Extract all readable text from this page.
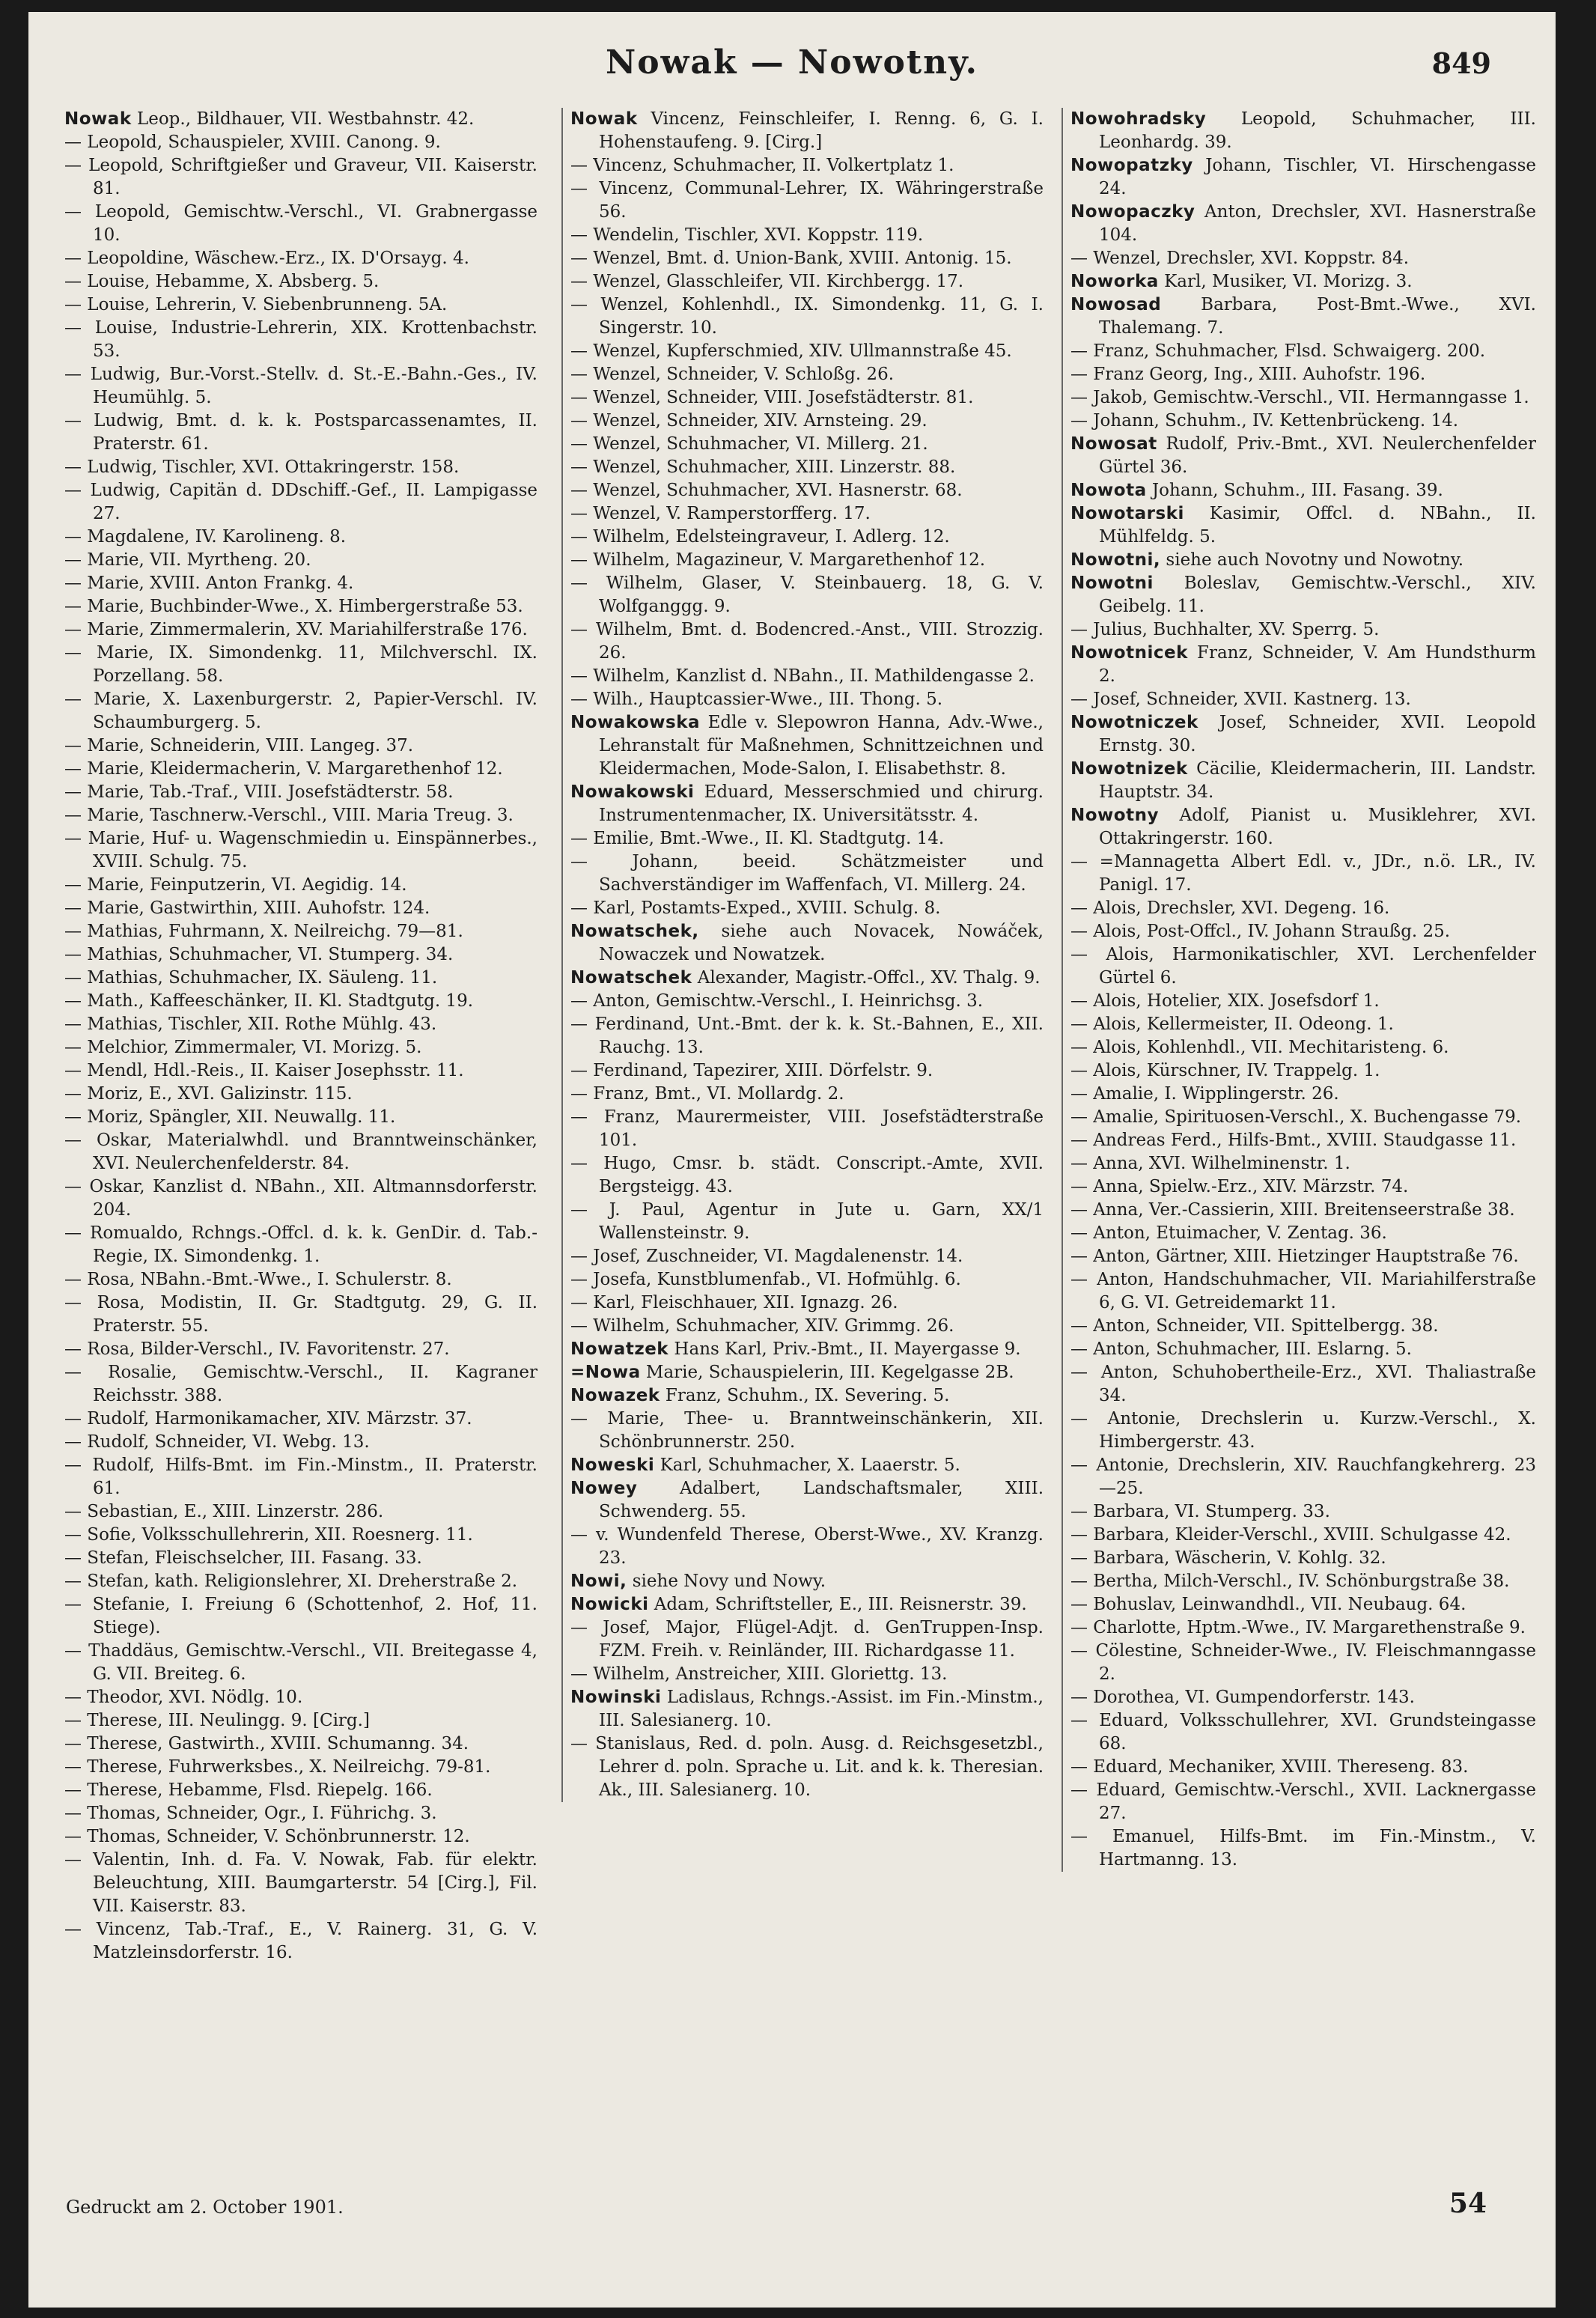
Nowak — Nowotny.	849

Nowak Leop., Bildhauer, VII. Westbahnstr. 42.

— Leopold, Schauspieler, XVIII. Canong. 9.

— Leopold, Schriftgießer und Graveur, VII. Kaiserstr. 81.

— Leopold, Gemischtw.-Verschl., VI. Grabnergasse 10.

— Leopoldine, Wäschew.-Erz., IX. D'Orsayg. 4.

— Louise, Hebamme, X. Absberg. 5.

— Louise, Lehrerin, V. Siebenbrunneng. 5A.

— Louise, Industrie-Lehrerin, XIX. Krottenbachstr. 53.

— Ludwig, Bur.-Vorst.-Stellv. d. St.-E.-Bahn.-Ges., IV. Heumühlg. 5.

— Ludwig, Bmt. d. k. k. Postsparcassenamtes, II. Praterstr. 61.

— Ludwig, Tischler, XVI. Ottakringerstr. 158.

— Ludwig, Capitän d. DDschiff.-Gef., II. Lampigasse 27.

— Magdalene, IV. Karolineng. 8.

— Marie, VII. Myrtheng. 20.

— Marie, XVIII. Anton Frankg. 4.

— Marie, Buchbinder-Wwe., X. Himbergerstraße 53.

— Marie, Zimmermalerin, XV. Mariahilferstraße 176.

— Marie, IX. Simondenkg. 11, Milchverschl. IX. Porzellang. 58.

— Marie, X. Laxenburgerstr. 2, Papier-Verschl. IV. Schaumburgerg. 5.

— Marie, Schneiderin, VIII. Langeg. 37.

— Marie, Kleidermacherin, V. Margarethenhof 12.

— Marie, Tab.-Traf., VIII. Josefstädterstr. 58.

— Marie, Taschnerw.-Verschl., VIII. Maria Treug. 3.

— Marie, Huf- u. Wagenschmiedin u. Einspännerbes., XVIII. Schulg. 75.

— Marie, Feinputzerin, VI. Aegidig. 14.

— Marie, Gastwirthin, XIII. Auhofstr. 124.

— Mathias, Fuhrmann, X. Neilreichg. 79—81.

— Mathias, Schuhmacher, VI. Stumperg. 34.

— Mathias, Schuhmacher, IX. Säuleng. 11.

— Math., Kaffeeschänker, II. Kl. Stadtgutg. 19.

— Mathias, Tischler, XII. Rothe Mühlg. 43.

— Melchior, Zimmermaler, VI. Morizg. 5.

— Mendl, Hdl.-Reis., II. Kaiser Josephsstr. 11.

— Moriz, E., XVI. Galizinstr. 115.

— Moriz, Spängler, XII. Neuwallg. 11.

— Oskar, Materialwhdl. und Branntweinschänker, XVI. Neulerchenfelderstr. 84.

— Oskar, Kanzlist d. NBahn., XII. Altmannsdorferstr. 204.

— Romualdo, Rchngs.-Offcl. d. k. k. GenDir. d. Tab.-Regie, IX. Simondenkg. 1.

— Rosa, NBahn.-Bmt.-Wwe., I. Schulerstr. 8.

— Rosa, Modistin, II. Gr. Stadtgutg. 29, G. II. Praterstr. 55.

— Rosa, Bilder-Verschl., IV. Favoritenstr. 27.

— Rosalie, Gemischtw.-Verschl., II. Kagraner Reichsstr. 388.

— Rudolf, Harmonikamacher, XIV. Märzstr. 37.

— Rudolf, Schneider, VI. Webg. 13.

— Rudolf, Hilfs-Bmt. im Fin.-Minstm., II. Praterstr. 61.

— Sebastian, E., XIII. Linzerstr. 286.

— Sofie, Volksschullehrerin, XII. Roesnerg. 11.

— Stefan, Fleischselcher, III. Fasang. 33.

— Stefan, kath. Religionslehrer, XI. Dreherstraße 2.

— Stefanie, I. Freiung 6 (Schottenhof, 2. Hof, 11. Stiege).

— Thaddäus, Gemischtw.-Verschl., VII. Breitegasse 4, G. VII. Breiteg. 6.

— Theodor, XVI. Nödlg. 10.

— Therese, III. Neulingg. 9. [Cirg.]

— Therese, Gastwirth., XVIII. Schumanng. 34.

— Therese, Fuhrwerksbes., X. Neilreichg. 79-81.

— Therese, Hebamme, Flsd. Riepelg. 166.

— Thomas, Schneider, Ogr., I. Führichg. 3.

— Thomas, Schneider, V. Schönbrunnerstr. 12.

— Valentin, Inh. d. Fa. V. Nowak, Fab. für elektr. Beleuchtung, XIII. Baumgarterstr. 54 [Cirg.], Fil. VII. Kaiserstr. 83.

— Vincenz, Tab.-Traf., E., V. Rainerg. 31, G. V. Matzleinsdorferstr. 16.

Nowak Vincenz, Feinschleifer, I. Renng. 6, G. I. Hohenstaufeng. 9. [Cirg.]

— Vincenz, Schuhmacher, II. Volkertplatz 1.

— Vincenz, Communal-Lehrer, IX. Währingerstraße 56.

— Wendelin, Tischler, XVI. Koppstr. 119.

— Wenzel, Bmt. d. Union-Bank, XVIII. Antonig. 15.

— Wenzel, Glasschleifer, VII. Kirchbergg. 17.

— Wenzel, Kohlenhdl., IX. Simondenkg. 11, G. I. Singerstr. 10.

— Wenzel, Kupferschmied, XIV. Ullmannstraße 45.

— Wenzel, Schneider, V. Schloßg. 26.

— Wenzel, Schneider, VIII. Josefstädterstr. 81.

— Wenzel, Schneider, XIV. Arnsteing. 29.

— Wenzel, Schuhmacher, VI. Millerg. 21.

— Wenzel, Schuhmacher, XIII. Linzerstr. 88.

— Wenzel, Schuhmacher, XVI. Hasnerstr. 68.

— Wenzel, V. Ramperstorfferg. 17.

— Wilhelm, Edelsteingraveur, I. Adlerg. 12.

— Wilhelm, Magazineur, V. Margarethenhof 12.

— Wilhelm, Glaser, V. Steinbauerg. 18, G. V. Wolfganggg. 9.

— Wilhelm, Bmt. d. Bodencred.-Anst., VIII. Strozzig. 26.

— Wilhelm, Kanzlist d. NBahn., II. Mathildengasse 2.

— Wilh., Hauptcassier-Wwe., III. Thong. 5.

Nowakowska Edle v. Slepowron Hanna, Adv.-Wwe., Lehranstalt für Maßnehmen, Schnittzeichnen und Kleidermachen, Mode-Salon, I. Elisabethstr. 8.

Nowakowski Eduard, Messerschmied und chirurg. Instrumentenmacher, IX. Universitätsstr. 4.

— Emilie, Bmt.-Wwe., II. Kl. Stadtgutg. 14.

— Johann, beeid. Schätzmeister und Sachverständiger im Waffenfach, VI. Millerg. 24.

— Karl, Postamts-Exped., XVIII. Schulg. 8.

Nowatschek, siehe auch Novacek, Nowáček, Nowaczek und Nowatzek.

Nowatschek Alexander, Magistr.-Offcl., XV. Thalg. 9.

— Anton, Gemischtw.-Verschl., I. Heinrichsg. 3.

— Ferdinand, Unt.-Bmt. der k. k. St.-Bahnen, E., XII. Rauchg. 13.

— Ferdinand, Tapezirer, XIII. Dörfelstr. 9.

— Franz, Bmt., VI. Mollardg. 2.

— Franz, Maurermeister, VIII. Josefstädterstraße 101.

— Hugo, Cmsr. b. städt. Conscript.-Amte, XVII. Bergsteigg. 43.

— J. Paul, Agentur in Jute u. Garn, XX/1 Wallensteinstr. 9.

— Josef, Zuschneider, VI. Magdalenenstr. 14.

— Josefa, Kunstblumenfab., VI. Hofmühlg. 6.

— Karl, Fleischhauer, XII. Ignazg. 26.

— Wilhelm, Schuhmacher, XIV. Grimmg. 26.

Nowatzek Hans Karl, Priv.-Bmt., II. Mayergasse 9.

=Nowa Marie, Schauspielerin, III. Kegelgasse 2B.

Nowazek Franz, Schuhm., IX. Severing. 5.

— Marie, Thee- u. Branntweinschänkerin, XII. Schönbrunnerstr. 250.

Noweski Karl, Schuhmacher, X. Laaerstr. 5.

Nowey Adalbert, Landschaftsmaler, XIII. Schwenderg. 55.

— v. Wundenfeld Therese, Oberst-Wwe., XV. Kranzg. 23.

Nowi, siehe Novy und Nowy.

Nowicki Adam, Schriftsteller, E., III. Reisnerstr. 39.

— Josef, Major, Flügel-Adjt. d. GenTruppen-Insp. FZM. Freih. v. Reinländer, III. Richardgasse 11.

— Wilhelm, Anstreicher, XIII. Gloriettg. 13.

Nowinski Ladislaus, Rchngs.-Assist. im Fin.-Minstm., III. Salesianerg. 10.

— Stanislaus, Red. d. poln. Ausg. d. Reichsgesetzbl., Lehrer d. poln. Sprache u. Lit. and k. k. Theresian. Ak., III. Salesianerg. 10.

Nowohradsky Leopold, Schuhmacher, III. Leonhardg. 39.

Nowopatzky Johann, Tischler, VI. Hirschengasse 24.

Nowopaczky Anton, Drechsler, XVI. Hasnerstraße 104.

— Wenzel, Drechsler, XVI. Koppstr. 84.

Noworka Karl, Musiker, VI. Morizg. 3.

Nowosad Barbara, Post-Bmt.-Wwe., XVI. Thalemang. 7.

— Franz, Schuhmacher, Flsd. Schwaigerg. 200.

— Franz Georg, Ing., XIII. Auhofstr. 196.

— Jakob, Gemischtw.-Verschl., VII. Hermanngasse 1.

— Johann, Schuhm., IV. Kettenbrückeng. 14.

Nowosat Rudolf, Priv.-Bmt., XVI. Neulerchenfelder Gürtel 36.

Nowota Johann, Schuhm., III. Fasang. 39.

Nowotarski Kasimir, Offcl. d. NBahn., II. Mühlfeldg. 5.

Nowotni, siehe auch Novotny und Nowotny.

Nowotni Boleslav, Gemischtw.-Verschl., XIV. Geibelg. 11.

— Julius, Buchhalter, XV. Sperrg. 5.

Nowotnicek Franz, Schneider, V. Am Hundsthurm 2.

— Josef, Schneider, XVII. Kastnerg. 13.

Nowotniczek Josef, Schneider, XVII. Leopold Ernstg. 30.

Nowotnizek Cäcilie, Kleidermacherin, III. Landstr. Hauptstr. 34.

Nowotny Adolf, Pianist u. Musiklehrer, XVI. Ottakringerstr. 160.

— =Mannagetta Albert Edl. v., JDr., n.ö. LR., IV. Panigl. 17.

— Alois, Drechsler, XVI. Degeng. 16.

— Alois, Post-Offcl., IV. Johann Straußg. 25.

— Alois, Harmonikatischler, XVI. Lerchenfelder Gürtel 6.

— Alois, Hotelier, XIX. Josefsdorf 1.

— Alois, Kellermeister, II. Odeong. 1.

— Alois, Kohlenhdl., VII. Mechitaristeng. 6.

— Alois, Kürschner, IV. Trappelg. 1.

— Amalie, I. Wipplingerstr. 26.

— Amalie, Spirituosen-Verschl., X. Buchengasse 79.

— Andreas Ferd., Hilfs-Bmt., XVIII. Staudgasse 11.

— Anna, XVI. Wilhelminenstr. 1.

— Anna, Spielw.-Erz., XIV. Märzstr. 74.

— Anna, Ver.-Cassierin, XIII. Breitenseerstraße 38.

— Anton, Etuimacher, V. Zentag. 36.

— Anton, Gärtner, XIII. Hietzinger Hauptstraße 76.

— Anton, Handschuhmacher, VII. Mariahilferstraße 6, G. VI. Getreidemarkt 11.

— Anton, Schneider, VII. Spittelbergg. 38.

— Anton, Schuhmacher, III. Eslarng. 5.

— Anton, Schuhobertheile-Erz., XVI. Thaliastraße 34.

— Antonie, Drechslerin u. Kurzw.-Verschl., X. Himbergerstr. 43.

— Antonie, Drechslerin, XIV. Rauchfangkehrerg. 23—25.

— Barbara, VI. Stumperg. 33.

— Barbara, Kleider-Verschl., XVIII. Schulgasse 42.

— Barbara, Wäscherin, V. Kohlg. 32.

— Bertha, Milch-Verschl., IV. Schönburgstraße 38.

— Bohuslav, Leinwandhdl., VII. Neubaug. 64.

— Charlotte, Hptm.-Wwe., IV. Margarethenstraße 9.

— Cölestine, Schneider-Wwe., IV. Fleischmanngasse 2.

— Dorothea, VI. Gumpendorferstr. 143.

— Eduard, Volksschullehrer, XVI. Grundsteingasse 68.

— Eduard, Mechaniker, XVIII. Thereseng. 83.

— Eduard, Gemischtw.-Verschl., XVII. Lacknergasse 27.

— Emanuel, Hilfs-Bmt. im Fin.-Minstm., V. Hartmanng. 13.

Gedruckt am 2. October 1901.	54
